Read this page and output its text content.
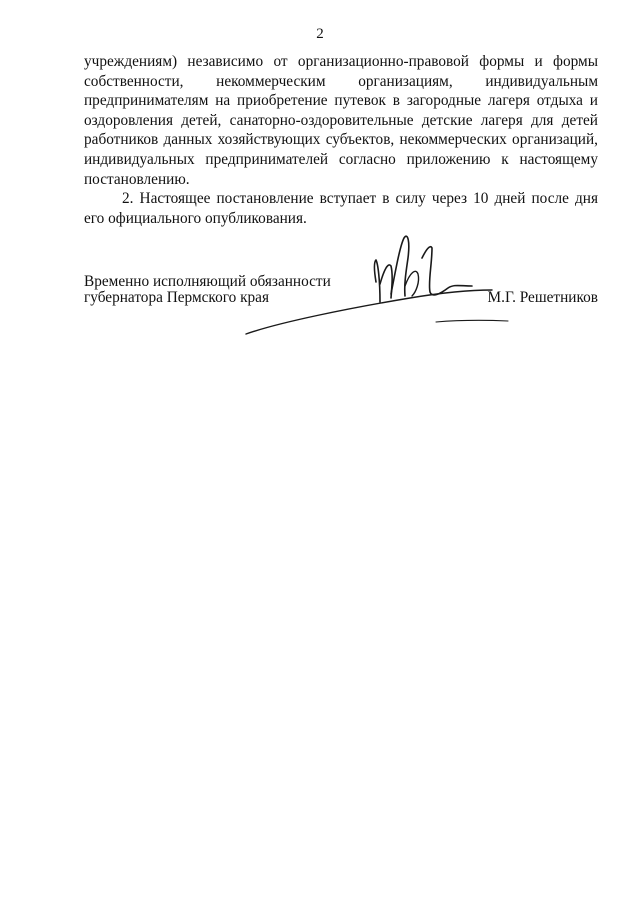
2

учреждениям) независимо от организационно-правовой формы и формы собственности, некоммерческим организациям, индивидуальным предпринимателям на приобретение путевок в загородные лагеря отдыха и оздоровления детей, санаторно-оздоровительные детские лагеря для детей работников данных хозяйствующих субъектов, некоммерческих организаций, индивидуальных предпринимателей согласно приложению к настоящему постановлению.

2. Настоящее постановление вступает в силу через 10 дней после дня его официального опубликования.

Временно исполняющий обязанности
губернатора Пермского края	М.Г. Решетников
